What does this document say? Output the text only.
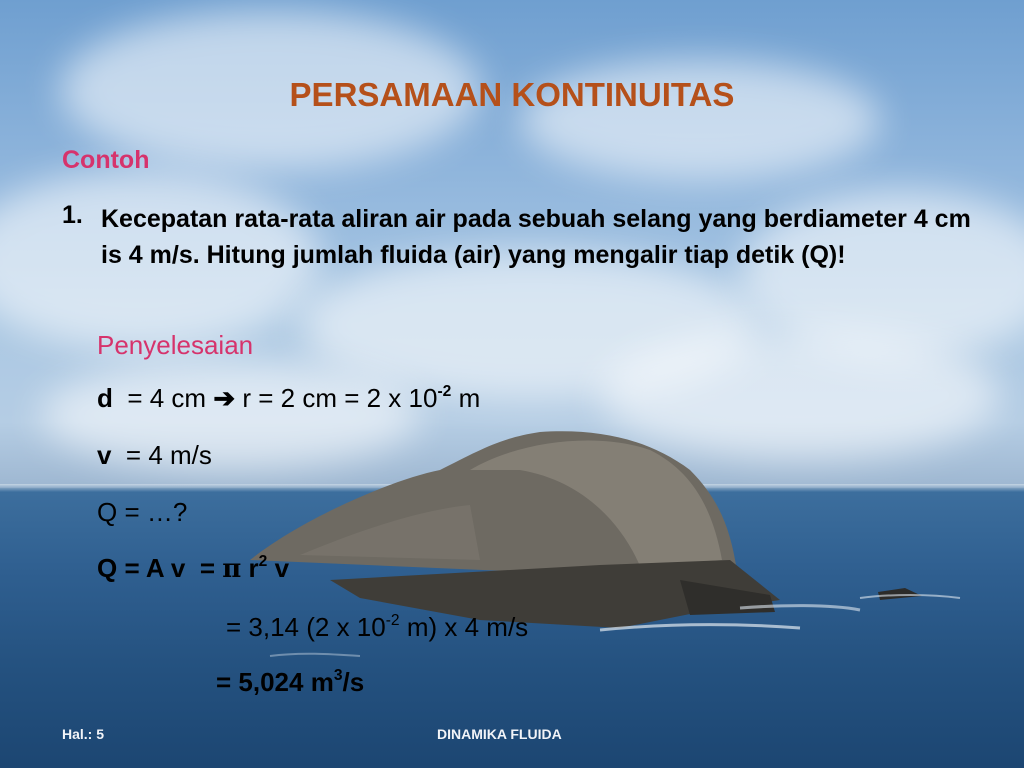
PERSAMAAN KONTINUITAS

Contoh

1. Kecepatan rata-rata aliran air pada sebuah selang yang berdiameter 4 cm is 4 m/s. Hitung jumlah fluida (air) yang mengalir tiap detik (Q)!

Penyelesaian

d = 4 cm ➔ r = 2 cm = 2 x $10^{-2}$ m

v = 4 m/s

Q = …?

Q = A v = π $r^2$ v

= 3,14 (2 x $10^{-2}$ m) x 4 m/s

= 5,024 $m^3/s$

Hal.: 5	DINAMIKA FLUIDA
